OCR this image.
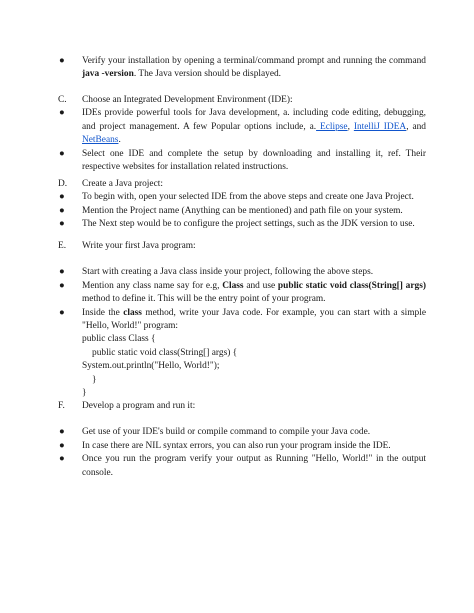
● Verify your installation by opening a terminal/command prompt and running the command java -version. The Java version should be displayed.
C. Choose an Integrated Development Environment (IDE):
● IDEs provide powerful tools for Java development, a. including code editing, debugging, and project management. A few Popular options include, a. Eclipse, IntelliJ IDEA, and NetBeans.
● Select one IDE and complete the setup by downloading and installing it, ref. Their respective websites for installation related instructions.
D. Create a Java project:
● To begin with, open your selected IDE from the above steps and create one Java Project.
● Mention the Project name (Anything can be mentioned) and path file on your system.
● The Next step would be to configure the project settings, such as the JDK version to use.
E. Write your first Java program:
● Start with creating a Java class inside your project, following the above steps.
● Mention any class name say for e.g, Class and use public static void class(String[] args) method to define it. This will be the entry point of your program.
● Inside the class method, write your Java code. For example, you can start with a simple "Hello, World!" program:
public class Class {
public static void class(String[] args) {
System.out.println("Hello, World!");
}
}
F. Develop a program and run it:
● Get use of your IDE's build or compile command to compile your Java code.
● In case there are NIL syntax errors, you can also run your program inside the IDE.
● Once you run the program verify your output as Running "Hello, World!" in the output console.
